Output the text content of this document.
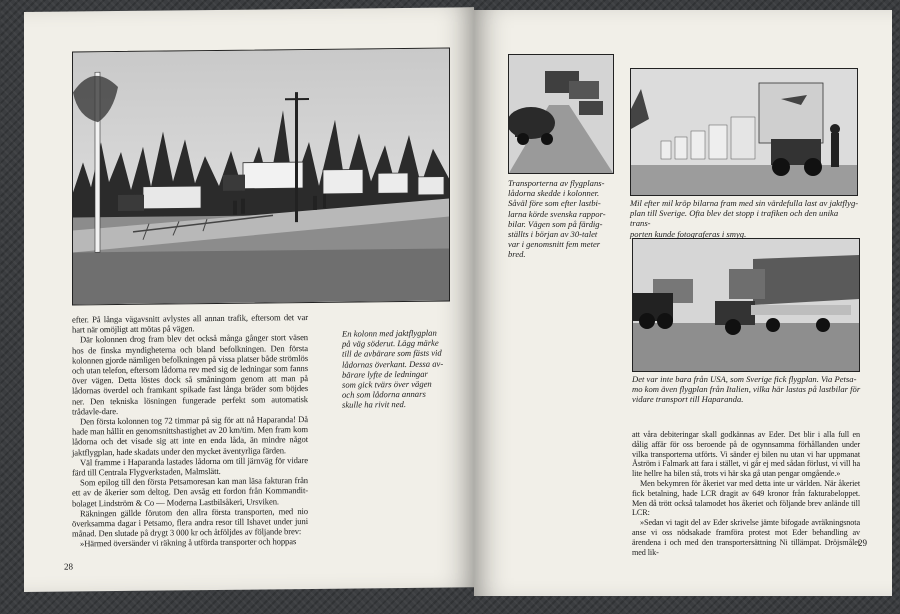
efter. På långa vägavsnitt avlystes all annan trafik, eftersom det var hart när omöjligt att mötas på vägen.

Där kolonnen drog fram blev det också många gånger stort väsen hos de finska myndigheterna och bland befolkningen. Den första kolonnen gjorde nämligen befolkningen på vissa platser både strömlös och utan telefon, eftersom lådorna rev med sig de ledningar som fanns över vägen. Detta löstes dock så småningom genom att man på lådornas överdel och framkant spikade fast långa bräder som böjdes ner. Den tekniska lösningen fungerade perfekt som automatisk trådavle-dare.

Den första kolonnen tog 72 timmar på sig för att nå Haparanda! Då hade man hållit en genomsnittshastighet av 20 km/tim. Men fram kom lådorna och det visade sig att inte en enda låda, än mindre något jaktflygplan, hade skadats under den mycket äventyrliga färden.

Väl framme i Haparanda lastades lådorna om till järnväg för vidare färd till Centrala Flygverkstaden, Malmslätt.

Som epilog till den första Petsamoresan kan man läsa fakturan från ett av de åkerier som deltog. Den avsåg ett fordon från Kommandit-bolaget Lindström & Co — Moderna Lastbilsåkeri, Ursviken.

Räkningen gällde förutom den allra första transporten, med nio överksamma dagar i Petsamo, flera andra resor till Ishavet under juni månad. Den slutade på drygt 3 000 kr och åtföljdes av följande brev:

»Härmed översänder vi räkning å utförda transporter och hoppas

En kolonn med jaktflygplan
på väg söderut. Lägg märke
till de avbärare som fästs vid
lådornas överkant. Dessa av-
bärare lyfte de ledningar
som gick tvärs över vägen
och som lådorna annars
skulle ha rivit ned.
28
Transporterna av flygplans-
lådorna skedde i kolonner.
Såväl före som efter lastbi-
larna körde svenska rappor-
bilar. Vägen som på färdig-
ställts i början av 30-talet
var i genomsnitt fem meter
bred.
Mil efter mil kröp bilarna fram med sin värdefulla last av jaktflyg-
plan till Sverige. Ofta blev det stopp i trafiken och den unika trans-
porten kunde fotograferas i smyg.
Det var inte bara från USA, som Sverige fick flygplan. Via Petsa-
mo kom även flygplan från Italien, vilka här lastas på lastbilar för
vidare transport till Haparanda.

att våra debiteringar skall godkännas av Eder. Det blir i alla full en dålig affär för oss beroende på de ogynnsamma förhållanden under vilka transporterna utförts. Vi sänder ej bilen nu utan vi har uppmanat Åström i Falmark att fara i stället, vi går ej med sådan förlust, vi vill ha lite hellre ha bilen stå, trots vi här ska gå utan pengar omgående.»

Men bekymren för åkeriet var med detta inte ur världen. När åkeriet fick betalning, hade LCR dragit av 649 kronor från fakturabeloppet. Men då trött också talamodet hos åkeriet och följande brev anlände till LCR:

»Sedan vi tagit del av Eder skrivelse jämte bifogade avräkningsnota anse vi oss nödsakade framföra protest mot Eder behandling av ärendena i och med den transportersättning Ni tillämpat. Dröjsmålet med lik-

29
